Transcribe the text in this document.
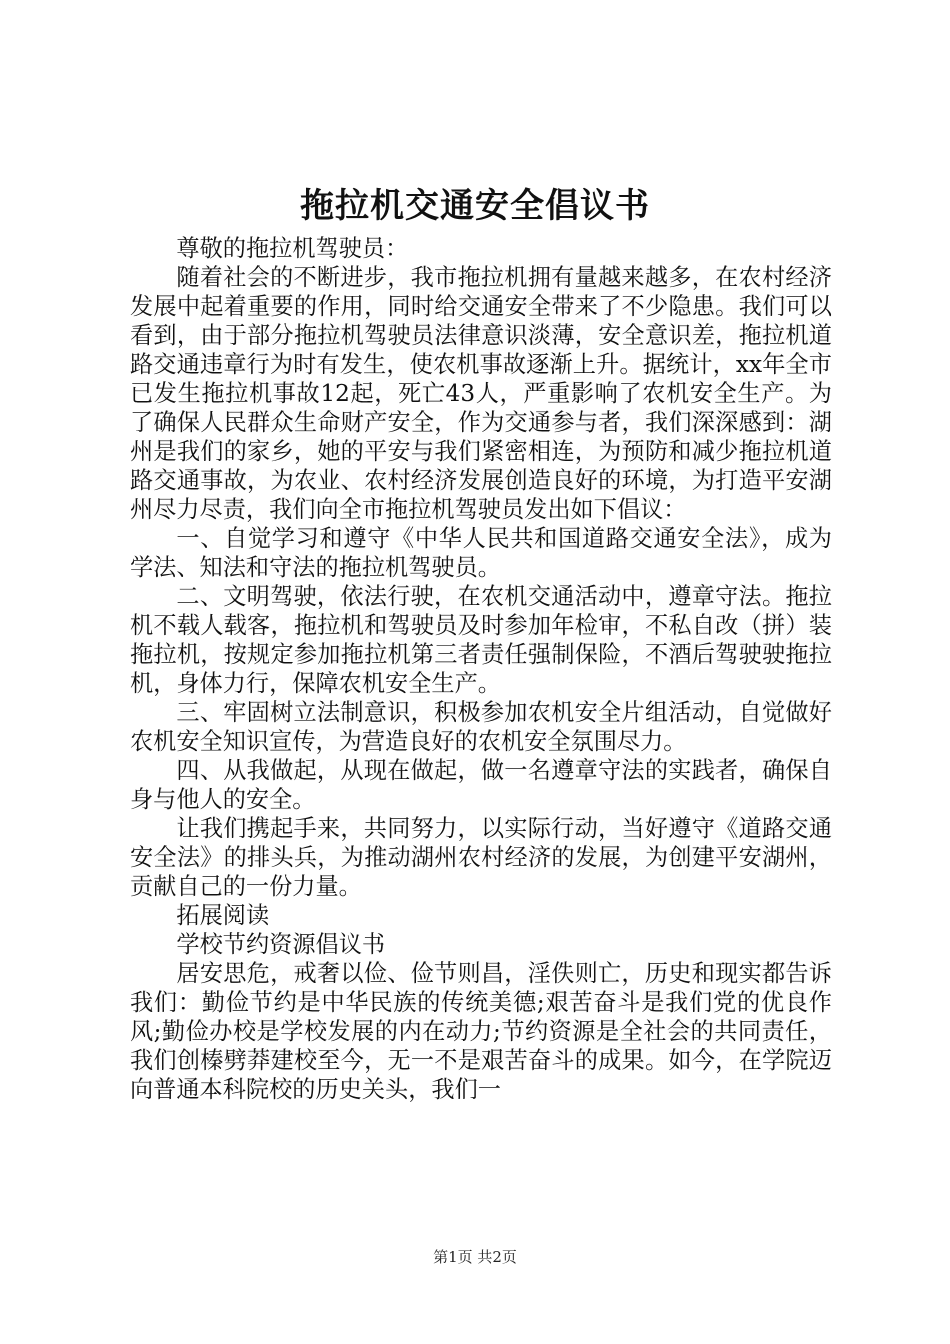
拖拉机交通安全倡议书

尊敬的拖拉机驾驶员：

随着社会的不断进步，我市拖拉机拥有量越来越多，在农村经济发展中起着重要的作用，同时给交通安全带来了不少隐患。我们可以看到，由于部分拖拉机驾驶员法律意识淡薄，安全意识差，拖拉机道路交通违章行为时有发生，使农机事故逐渐上升。据统计，xx年全市已发生拖拉机事故12起，死亡43人，严重影响了农机安全生产。为了确保人民群众生命财产安全，作为交通参与者，我们深深感到：湖州是我们的家乡，她的平安与我们紧密相连，为预防和减少拖拉机道路交通事故，为农业、农村经济发展创造良好的环境，为打造平安湖州尽力尽责，我们向全市拖拉机驾驶员发出如下倡议：

一、自觉学习和遵守《中华人民共和国道路交通安全法》，成为学法、知法和守法的拖拉机驾驶员。

二、文明驾驶，依法行驶，在农机交通活动中，遵章守法。拖拉机不载人载客，拖拉机和驾驶员及时参加年检审，不私自改（拼）装拖拉机，按规定参加拖拉机第三者责任强制保险，不酒后驾驶驶拖拉机，身体力行，保障农机安全生产。

三、牢固树立法制意识，积极参加农机安全片组活动，自觉做好农机安全知识宣传，为营造良好的农机安全氛围尽力。

四、从我做起，从现在做起，做一名遵章守法的实践者，确保自身与他人的安全。

让我们携起手来，共同努力，以实际行动，当好遵守《道路交通安全法》的排头兵，为推动湖州农村经济的发展，为创建平安湖州，贡献自己的一份力量。

拓展阅读

学校节约资源倡议书

居安思危，戒奢以俭、俭节则昌，淫佚则亡，历史和现实都告诉我们：勤俭节约是中华民族的传统美德;艰苦奋斗是我们党的优良作风;勤俭办校是学校发展的内在动力;节约资源是全社会的共同责任，我们创榛劈莽建校至今，无一不是艰苦奋斗的成果。如今，在学院迈向普通本科院校的历史关头，我们一

第1页 共2页
